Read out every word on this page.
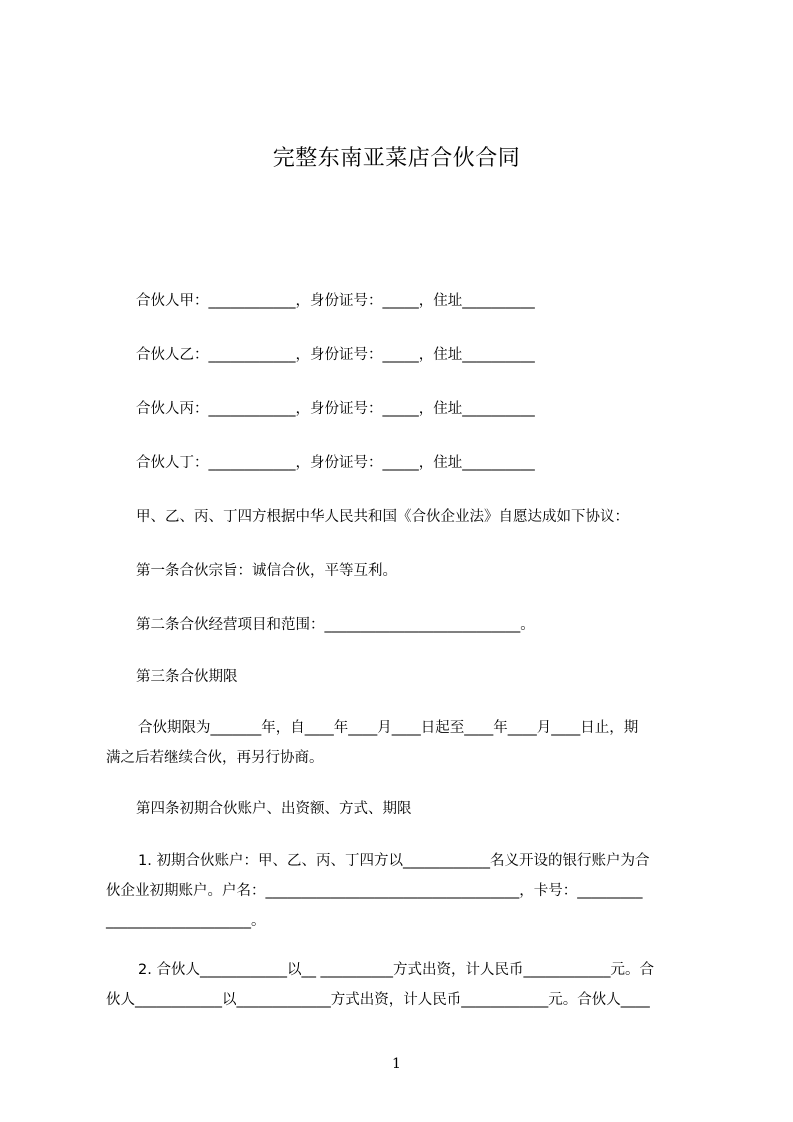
完整东南亚菜店合伙合同
合伙人甲：____________，身份证号：_____，住址__________
合伙人乙：____________，身份证号：_____，住址__________
合伙人丙：____________，身份证号：_____，住址__________
合伙人丁：____________，身份证号：_____，住址__________
甲、乙、丙、丁四方根据中华人民共和国《合伙企业法》自愿达成如下协议：
第一条合伙宗旨：诚信合伙，平等互利。
第二条合伙经营项目和范围：___________________________。
第三条合伙期限
合伙期限为_______年，自____年____月____日起至____年____月____日止，期
满之后若继续合伙，再另行协商。
第四条初期合伙账户、出资额、方式、期限
1. 初期合伙账户：甲、乙、丙、丁四方以____________名义开设的银行账户为合
伙企业初期账户。户名：___________________________________，卡号：_________
____________________。
2. 合伙人____________以__ __________方式出资，计人民币____________元。合
伙人____________以_____________方式出资，计人民币____________元。合伙人____
1
